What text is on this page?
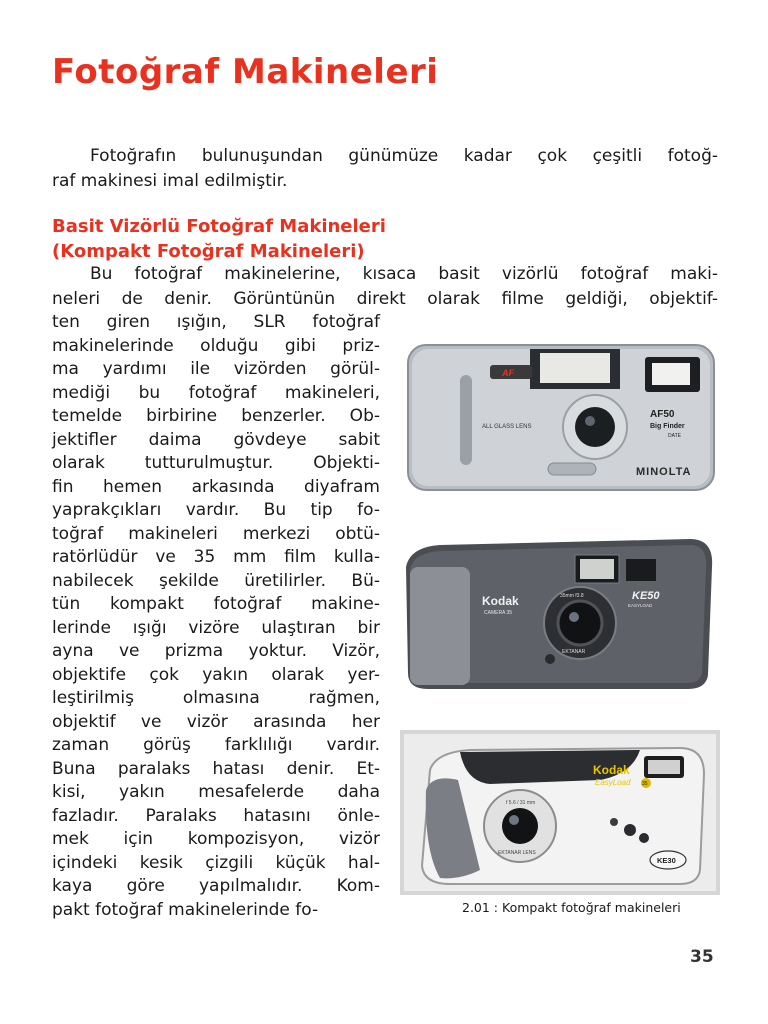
Fotoğraf Makineleri
Fotoğrafın bulunuşundan günümüze kadar çok çeşitli fotoğ-
raf makinesi imal edilmiştir.
Basit Vizörlü Fotoğraf Makineleri
(Kompakt Fotoğraf Makineleri)
Bu fotoğraf makinelerine, kısaca basit vizörlü fotoğraf maki-
neleri de denir. Görüntünün direkt olarak filme geldiği, objektif-
ten giren ışığın, SLR fotoğraf
makinelerinde olduğu gibi priz-
ma yardımı ile vizörden görül-
mediği bu fotoğraf makineleri,
temelde birbirine benzerler. Ob-
jektifler daima gövdeye sabit
olarak tutturulmuştur. Objekti-
fin hemen arkasında diyafram
yaprakçıkları vardır. Bu tip fo-
toğraf makineleri merkezi obtü-
ratörlüdür ve 35 mm film kulla-
nabilecek şekilde üretilirler. Bü-
tün kompakt fotoğraf makine-
lerinde ışığı vizöre ulaştıran bir
ayna ve prizma yoktur. Vizör,
objektife çok yakın olarak yer-
leştirilmiş olmasına rağmen,
objektif ve vizör arasında her
zaman görüş farklılığı vardır.
Buna paralaks hatası denir. Et-
kisi, yakın mesafelerde daha
fazladır. Paralaks hatasını önle-
mek için kompozisyon, vizör
içindeki kesik çizgili küçük hal-
kaya göre yapılmalıdır. Kom-
pakt fotoğraf makinelerinde fo-
AF
ALL GLASS LENS
AF50
Big Finder
DATE
MINOLTA
Kodak
CAMERA 35
35mm f3.8
EKTANAR
KE50
EASYLOAD
f 5.6 / 31 mm
EKTANAR LENS
Kodak
EasyLoad 35
KE30
2.01 : Kompakt fotoğraf makineleri
35
